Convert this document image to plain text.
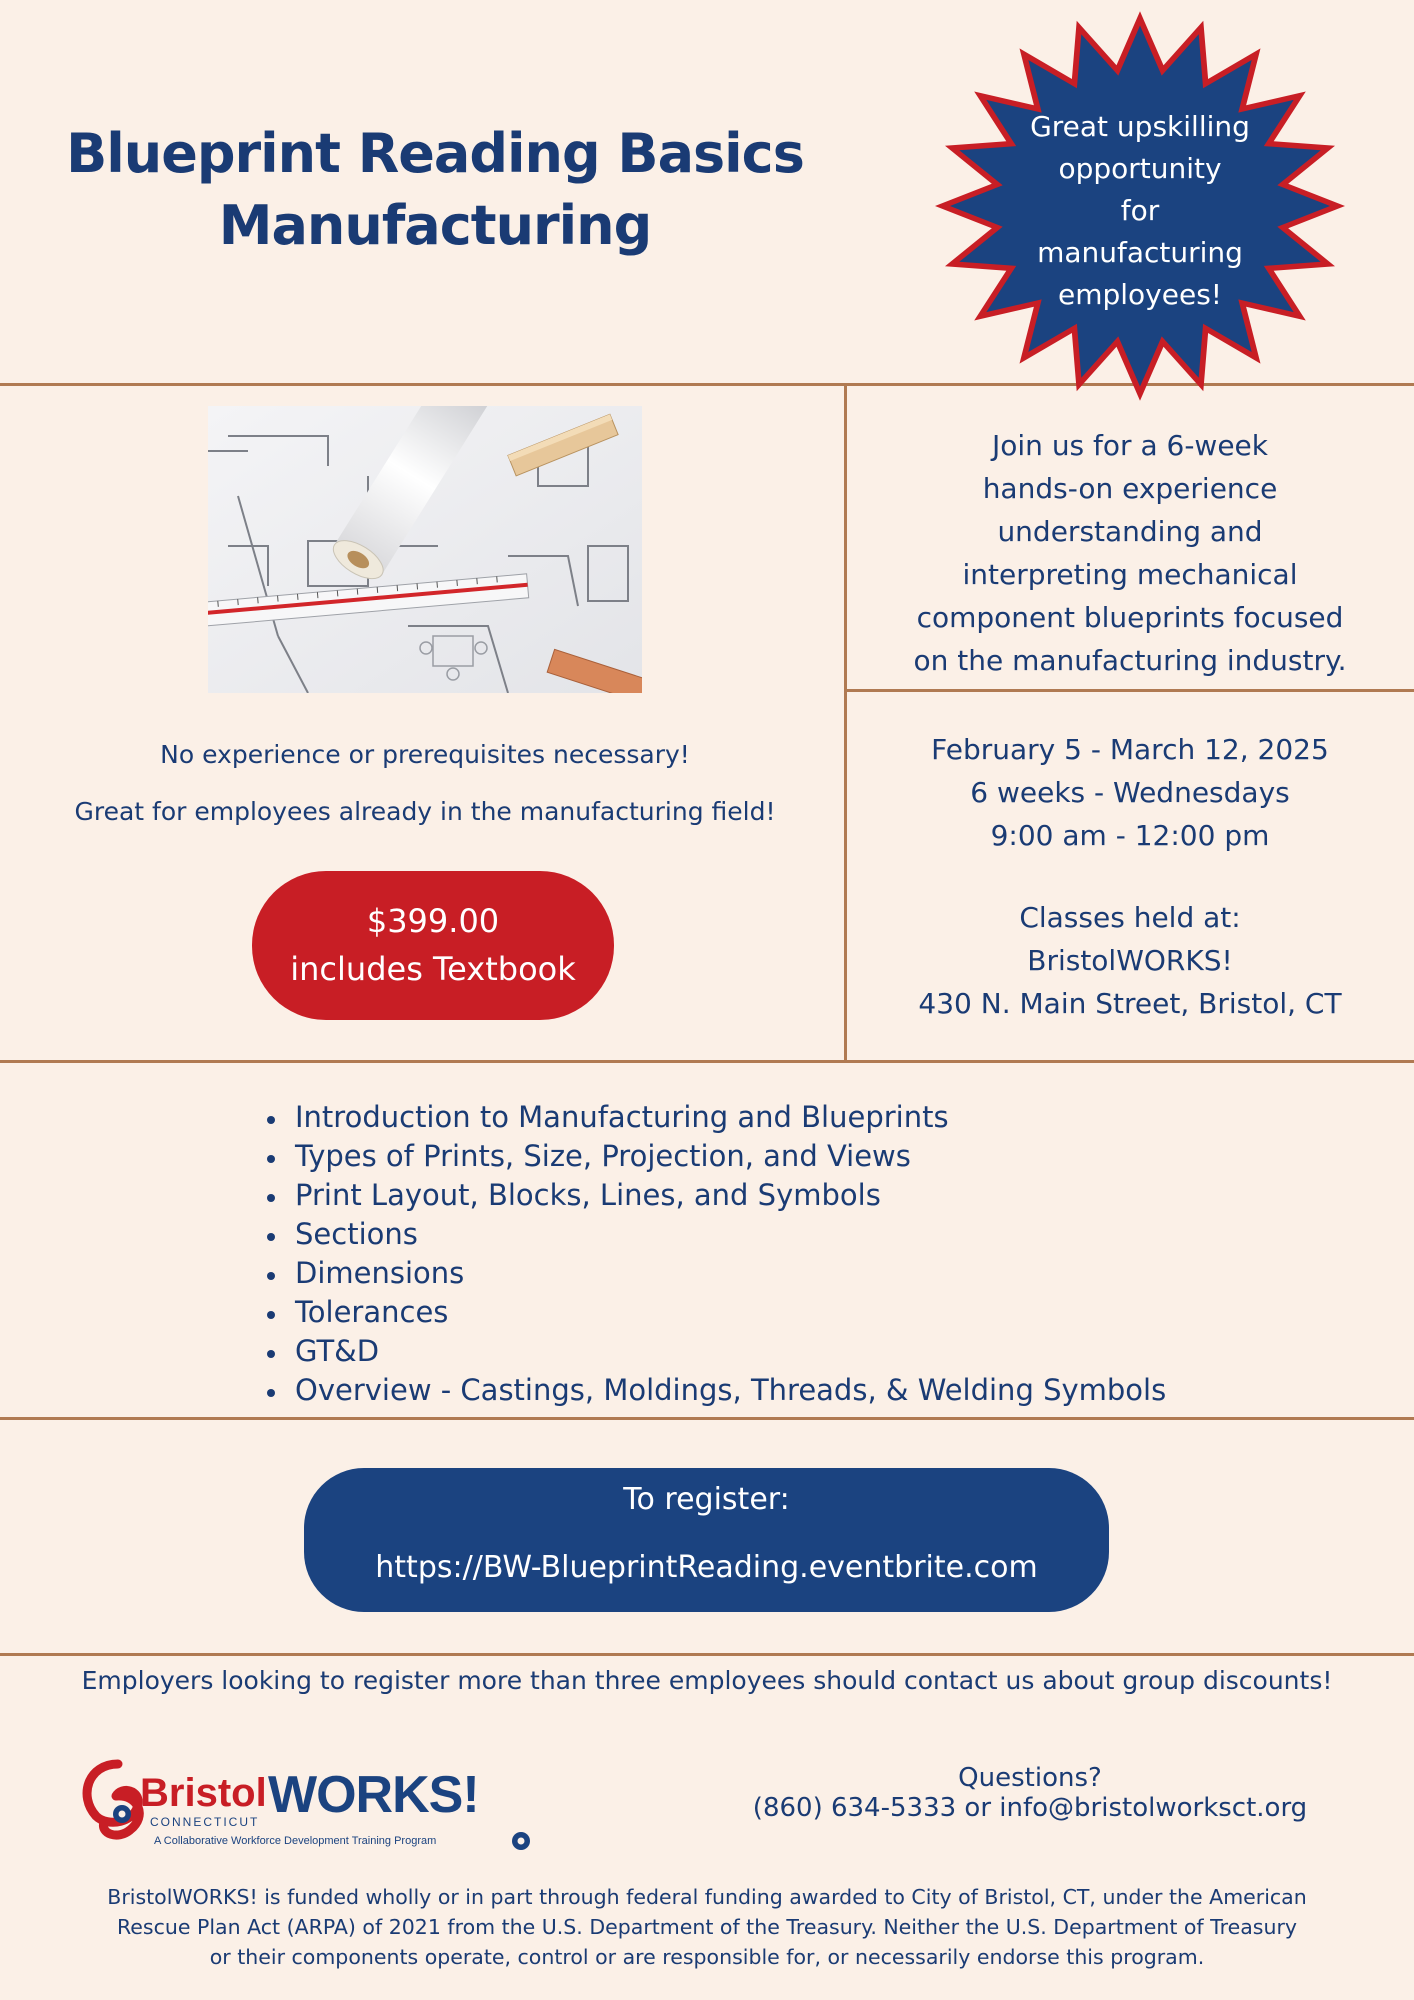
Blueprint Reading Basics
Manufacturing
Great upskilling
opportunity
for
manufacturing
employees!
Join us for a 6-week
hands-on experience
understanding and
interpreting mechanical
component blueprints focused
on the manufacturing industry.
No experience or prerequisites necessary!
Great for employees already in the manufacturing field!
$399.00
includes Textbook
February 5 - March 12, 2025
6 weeks - Wednesdays
9:00 am - 12:00 pm
Classes held at:
BristolWORKS!
430 N. Main Street, Bristol, CT
Introduction to Manufacturing and Blueprints
Types of Prints, Size, Projection, and Views
Print Layout, Blocks, Lines, and Symbols
Sections
Dimensions
Tolerances
GT&D
Overview - Castings, Moldings, Threads, & Welding Symbols
To register:
https://BW-BlueprintReading.eventbrite.com
Employers looking to register more than three employees should contact us about group discounts!
Bristol WORKS!
CONNECTICUT
A Collaborative Workforce Development Training Program
Questions?
(860) 634-5333 or info@bristolworksct.org
BristolWORKS! is funded wholly or in part through federal funding awarded to City of Bristol, CT, under the American
Rescue Plan Act (ARPA) of 2021 from the U.S. Department of the Treasury. Neither the U.S. Department of Treasury
or their components operate, control or are responsible for, or necessarily endorse this program.
